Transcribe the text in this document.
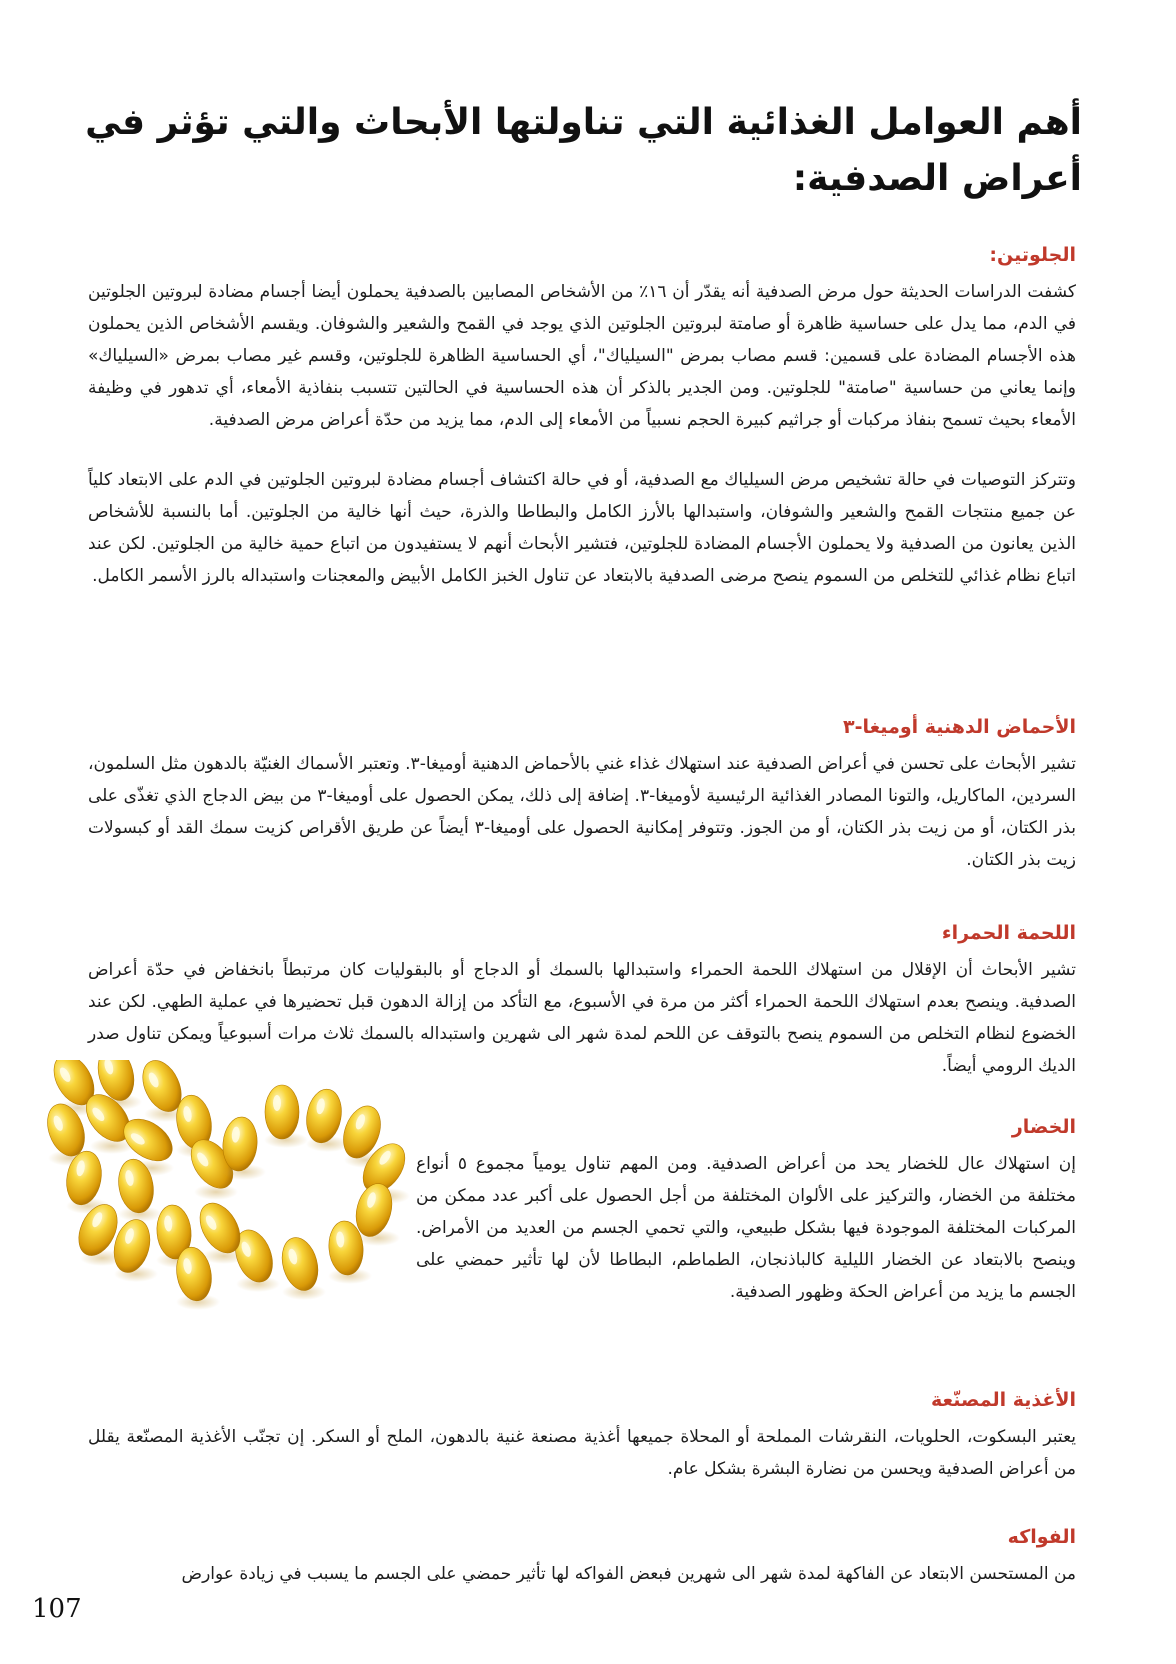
أهم العوامل الغذائية التي تناولتها الأبحاث والتي تؤثر في أعراض الصدفية:
الجلوتين:

كشفت الدراسات الحديثة حول مرض الصدفية أنه يقدّر أن ١٦٪ من الأشخاص المصابين بالصدفية يحملون أيضا أجسام مضادة لبروتين الجلوتين في الدم، مما يدل على حساسية ظاهرة أو صامتة لبروتين الجلوتين الذي يوجد في القمح والشعير والشوفان. ويقسم الأشخاص الذين يحملون هذه الأجسام المضادة على قسمين: قسم مصاب بمرض "السيلياك"، أي الحساسية الظاهرة للجلوتين، وقسم غير مصاب بمرض «السيلياك» وإنما يعاني من حساسية "صامتة" للجلوتين. ومن الجدير بالذكر أن هذه الحساسية في الحالتين تتسبب بنفاذية الأمعاء، أي تدهور في وظيفة الأمعاء بحيث تسمح بنفاذ مركبات أو جراثيم كبيرة الحجم نسبياً من الأمعاء إلى الدم، مما يزيد من حدّة أعراض مرض الصدفية.

وتتركز التوصيات في حالة تشخيص مرض السيلياك مع الصدفية، أو في حالة اكتشاف أجسام مضادة لبروتين الجلوتين في الدم على الابتعاد كلياً عن جميع منتجات القمح والشعير والشوفان، واستبدالها بالأرز الكامل والبطاطا والذرة، حيث أنها خالية من الجلوتين. أما بالنسبة للأشخاص الذين يعانون من الصدفية ولا يحملون الأجسام المضادة للجلوتين، فتشير الأبحاث أنهم لا يستفيدون من اتباع حمية خالية من الجلوتين. لكن عند اتباع نظام غذائي للتخلص من السموم ينصح مرضى الصدفية بالابتعاد عن تناول الخبز الكامل الأبيض والمعجنات واستبداله بالرز الأسمر الكامل.

الأحماض الدهنية أوميغا-٣

تشير الأبحاث على تحسن في أعراض الصدفية عند استهلاك غذاء غني بالأحماض الدهنية أوميغا-٣. وتعتبر الأسماك الغنيّة بالدهون مثل السلمون، السردين، الماكاريل، والتونا المصادر الغذائية الرئيسية لأوميغا-٣. إضافة إلى ذلك، يمكن الحصول على أوميغا-٣ من بيض الدجاج الذي تغذّى على بذر الكتان، أو من زيت بذر الكتان، أو من الجوز. وتتوفر إمكانية الحصول على أوميغا-٣ أيضاً عن طريق الأقراص كزيت سمك القد أو كبسولات زيت بذر الكتان.

اللحمة الحمراء

تشير الأبحاث أن الإقلال من استهلاك اللحمة الحمراء واستبدالها بالسمك أو الدجاج أو بالبقوليات كان مرتبطاً بانخفاض في حدّة أعراض الصدفية. وينصح بعدم استهلاك اللحمة الحمراء أكثر من مرة في الأسبوع، مع التأكد من إزالة الدهون قبل تحضيرها في عملية الطهي. لكن عند الخضوع لنظام التخلص من السموم ينصح بالتوقف عن اللحم لمدة شهر الى شهرين واستبداله بالسمك ثلاث مرات أسبوعياً ويمكن تناول صدر الديك الرومي أيضاً.

الخضار

إن استهلاك عال للخضار يحد من أعراض الصدفية. ومن المهم تناول يومياً مجموع ٥ أنواع مختلفة من الخضار، والتركيز على الألوان المختلفة من أجل الحصول على أكبر عدد ممكن من المركبات المختلفة الموجودة فيها بشكل طبيعي، والتي تحمي الجسم من العديد من الأمراض. وينصح بالابتعاد عن الخضار الليلية كالباذنجان، الطماطم، البطاطا لأن لها تأثير حمضي على الجسم ما يزيد من أعراض الحكة وظهور الصدفية.

الأغذية المصنّعة

يعتبر البسكوت، الحلويات، النقرشات المملحة أو المحلاة جميعها أغذية مصنعة غنية بالدهون، الملح أو السكر. إن تجنّب الأغذية المصنّعة يقلل من أعراض الصدفية ويحسن من نضارة البشرة بشكل عام.

الفواكه

من المستحسن الابتعاد عن الفاكهة لمدة شهر الى شهرين فبعض الفواكه لها تأثير حمضي على الجسم ما يسبب في زيادة عوارض

107
